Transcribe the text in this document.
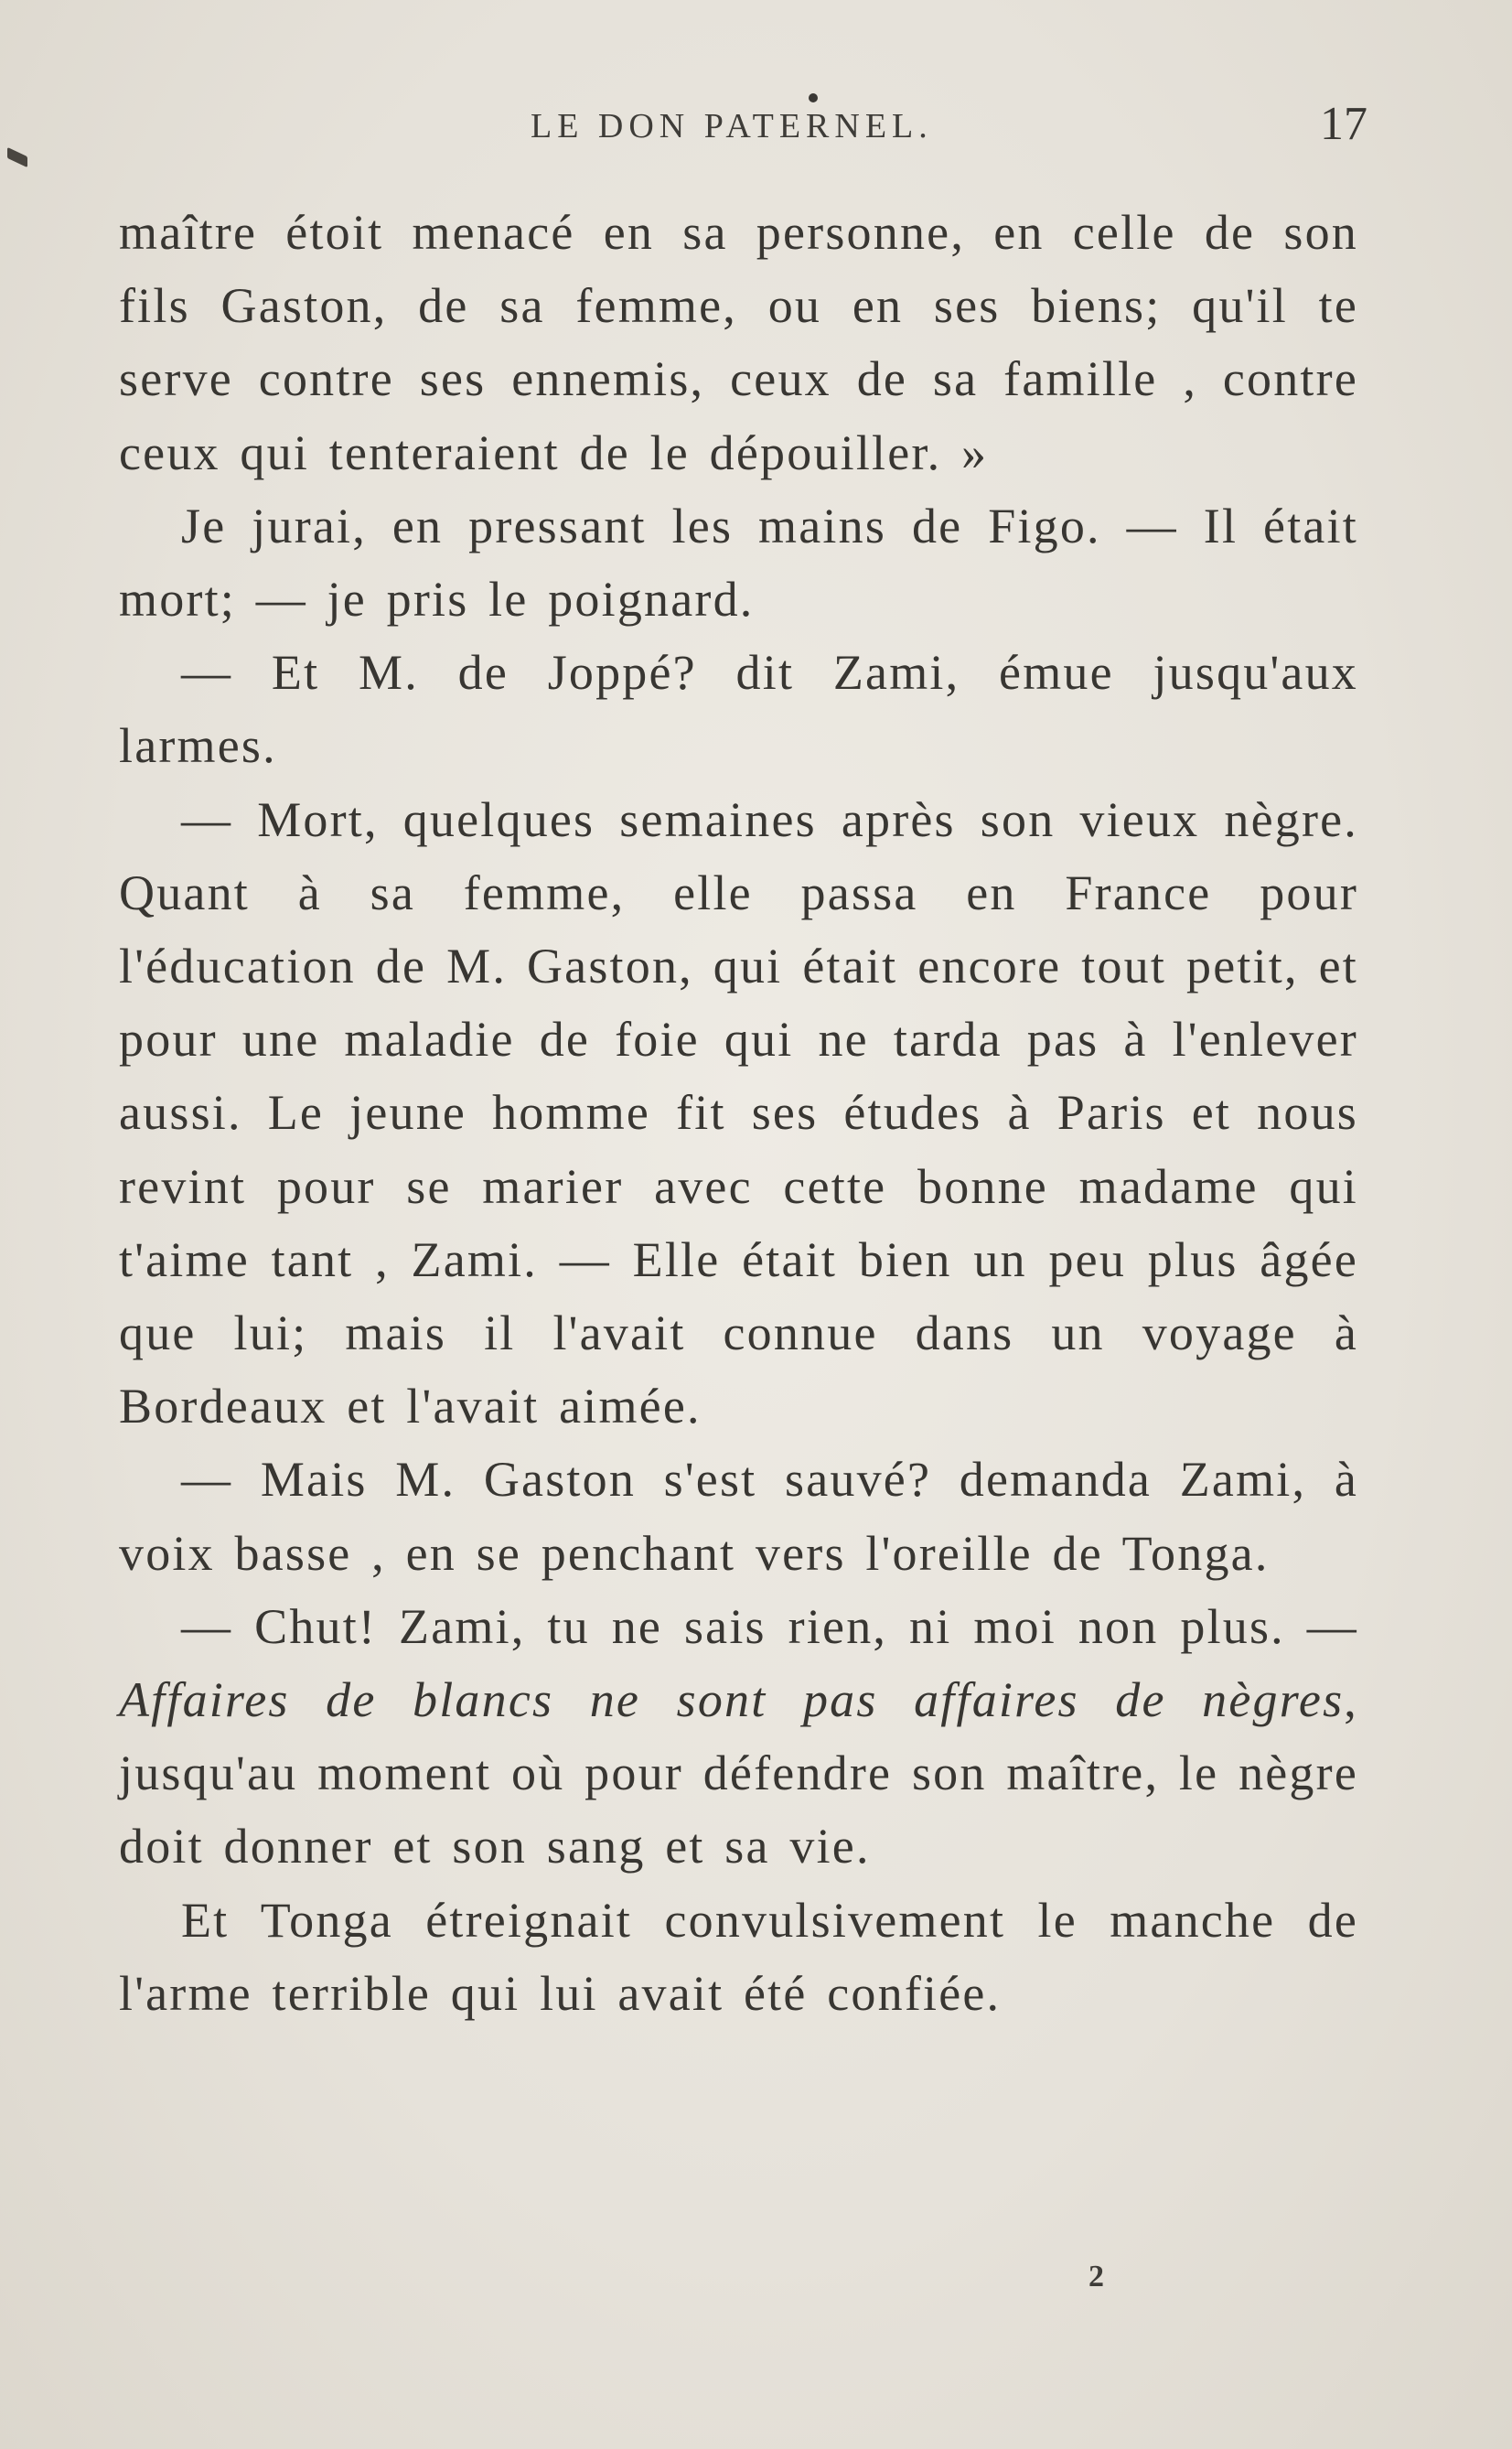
LE DON PATERNEL.	17

maître étoit menacé en sa personne, en celle de son fils Gaston, de sa femme, ou en ses biens; qu'il te serve contre ses ennemis, ceux de sa famille , contre ceux qui tenteraient de le dépouiller. »

Je jurai, en pressant les mains de Figo. — Il était mort; — je pris le poignard.

— Et M. de Joppé? dit Zami, émue jusqu'aux larmes.

— Mort, quelques semaines après son vieux nègre. Quant à sa femme, elle passa en France pour l'éducation de M. Gaston, qui était encore tout petit, et pour une maladie de foie qui ne tarda pas à l'enlever aussi. Le jeune homme fit ses études à Paris et nous revint pour se marier avec cette bonne madame qui t'aime tant , Zami. — Elle était bien un peu plus âgée que lui; mais il l'avait connue dans un voyage à Bordeaux et l'avait aimée.

— Mais M. Gaston s'est sauvé? demanda Zami, à voix basse , en se penchant vers l'oreille de Tonga.

— Chut! Zami, tu ne sais rien, ni moi non plus. — Affaires de blancs ne sont pas affaires de nègres, jusqu'au moment où pour défendre son maître, le nègre doit donner et son sang et sa vie.

Et Tonga étreignait convulsivement le manche de l'arme terrible qui lui avait été confiée.

2
